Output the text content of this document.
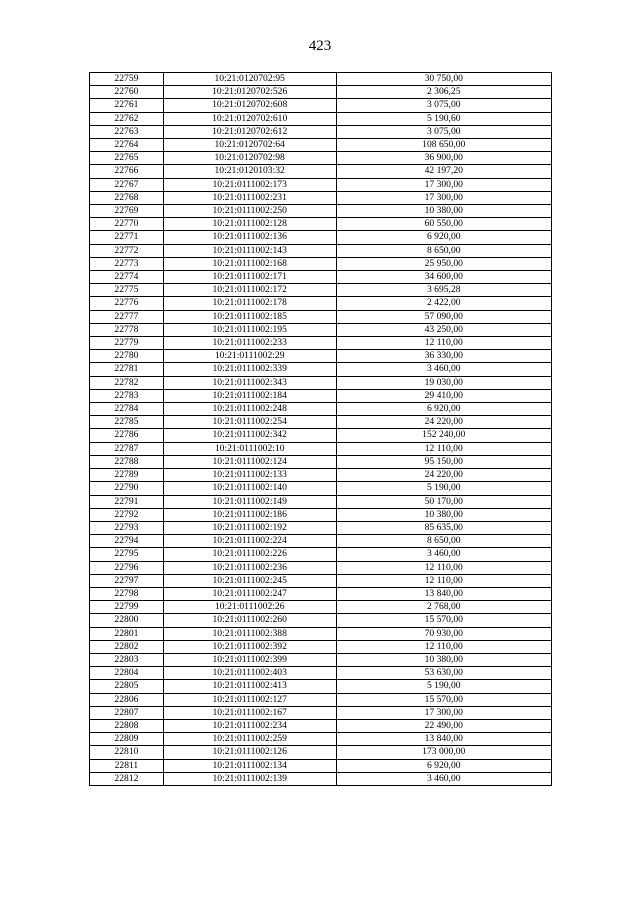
423
22759	10:21:0120702:95	30 750,00
22760	10:21:0120702:526	2 306,25
22761	10:21:0120702:608	3 075,00
22762	10:21:0120702:610	5 190,60
22763	10:21:0120702:612	3 075,00
22764	10:21:0120702:64	108 650,00
22765	10:21:0120702:98	36 900,00
22766	10:21:0120103:32	42 197,20
22767	10:21:0111002:173	17 300,00
22768	10:21:0111002:231	17 300,00
22769	10:21:0111002:250	10 380,00
22770	10:21:0111002:128	60 550,00
22771	10:21:0111002:136	6 920,00
22772	10:21:0111002:143	8 650,00
22773	10:21:0111002:168	25 950,00
22774	10:21:0111002:171	34 600,00
22775	10:21:0111002:172	3 695,28
22776	10:21:0111002:178	2 422,00
22777	10:21:0111002:185	57 090,00
22778	10:21:0111002:195	43 250,00
22779	10:21:0111002:233	12 110,00
22780	10:21:0111002:29	36 330,00
22781	10:21:0111002:339	3 460,00
22782	10:21:0111002:343	19 030,00
22783	10:21:0111002:184	29 410,00
22784	10:21:0111002:248	6 920,00
22785	10:21:0111002:254	24 220,00
22786	10:21:0111002:342	152 240,00
22787	10:21:0111002:10	12 110,00
22788	10:21:0111002:124	95 150,00
22789	10:21:0111002:133	24 220,00
22790	10:21:0111002:140	5 190,00
22791	10:21:0111002:149	50 170,00
22792	10:21:0111002:186	10 380,00
22793	10:21:0111002:192	85 635,00
22794	10:21:0111002:224	8 650,00
22795	10:21:0111002:226	3 460,00
22796	10:21:0111002:236	12 110,00
22797	10:21:0111002:245	12 110,00
22798	10:21:0111002:247	13 840,00
22799	10:21:0111002:26	2 768,00
22800	10:21:0111002:260	15 570,00
22801	10:21:0111002:388	70 930,00
22802	10:21:0111002:392	12 110,00
22803	10:21:0111002:399	10 380,00
22804	10:21:0111002:403	53 630,00
22805	10:21:0111002:413	5 190,00
22806	10:21:0111002:127	15 570,00
22807	10:21:0111002:167	17 300,00
22808	10:21:0111002:234	22 490,00
22809	10:21:0111002:259	13 840,00
22810	10:21:0111002:126	173 000,00
22811	10:21:0111002:134	6 920,00
22812	10:21:0111002:139	3 460,00
